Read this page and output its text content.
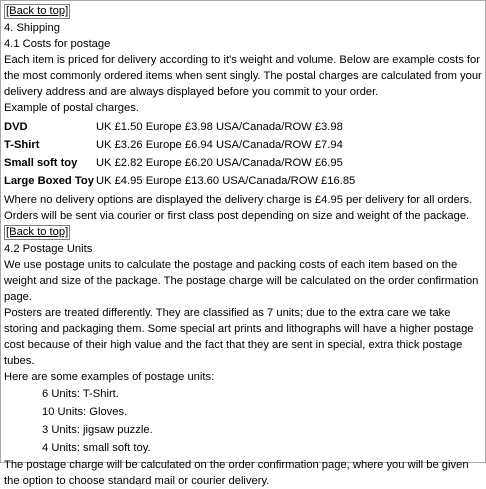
[Back to top]
4. Shipping
4.1 Costs for postage
Each item is priced for delivery according to it's weight and volume. Below are example costs for the most commonly ordered items when sent singly. The postal charges are calculated from your delivery address and are always displayed before you commit to your order.
Example of postal charges.
DVD	UK £1.50 Europe £3.98 USA/Canada/ROW £3.98
T-Shirt	UK £3.26 Europe £6.94 USA/Canada/ROW £7.94
Small soft toy	UK £2.82 Europe £6.20 USA/Canada/ROW £6.95
Large Boxed Toy	UK £4.95 Europe £13.60 USA/Canada/ROW £16.85
Where no delivery options are displayed the delivery charge is £4.95 per delivery for all orders. Orders will be sent via courier or first class post depending on size and weight of the package.
[Back to top]
4.2 Postage Units
We use postage units to calculate the postage and packing costs of each item based on the weight and size of the package. The postage charge will be calculated on the order confirmation page.
Posters are treated differently. They are classified as 7 units; due to the extra care we take storing and packaging them. Some special art prints and lithographs will have a higher postage cost because of their high value and the fact that they are sent in special, extra thick postage tubes.
Here are some examples of postage units:
6 Units: T-Shirt.
10 Units: Gloves.
3 Units: jigsaw puzzle.
4 Units: small soft toy.
The postage charge will be calculated on the order confirmation page, where you will be given the option to choose standard mail or courier delivery.
